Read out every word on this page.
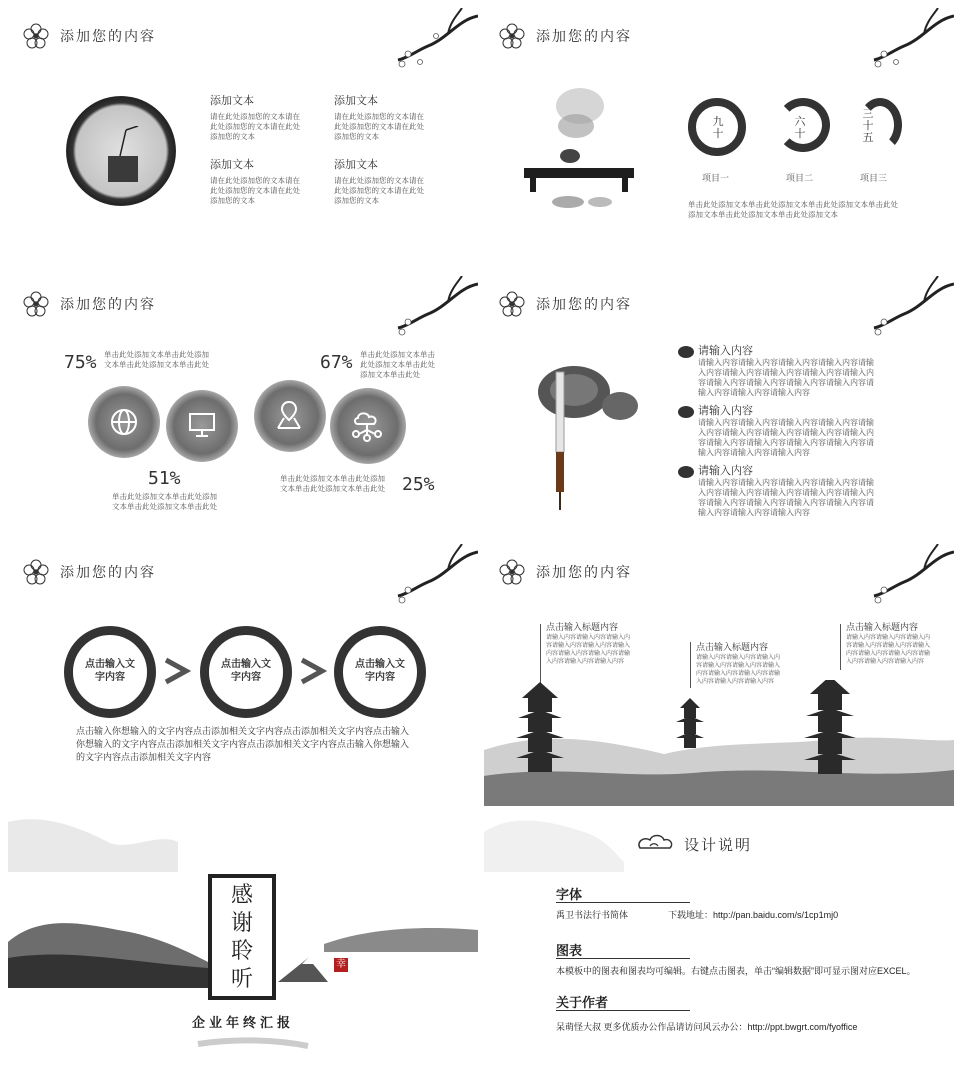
添加您的内容
添加文本
请在此处添加您的文本请在此处添加您的文本请在此处添加您的文本
添加文本
请在此处添加您的文本请在此处添加您的文本请在此处添加您的文本
添加文本
请在此处添加您的文本请在此处添加您的文本请在此处添加您的文本
添加文本
请在此处添加您的文本请在此处添加您的文本请在此处添加您的文本
添加您的内容
九十
六十
三十五
项目一	项目二	项目三
单击此处添加文本单击此处添加文本单击此处添加文本单击此处添加文本单击此处添加文本单击此处添加文本
添加您的内容
75% 单击此处添加文本单击此处添加文本单击此处添加文本单击此处	67% 单击此处添加文本单击此处添加文本单击此处添加文本单击此处
51%
单击此处添加文本单击此处添加文本单击此处添加文本单击此处
单击此处添加文本单击此处添加文本单击此处添加文本单击此处 25%
添加您的内容
请输入内容
请输入内容请输入内容请输入内容请输入内容请输入内容请输入内容请输入内容请输入内容请输入内容请输入内容请输入内容请输入内容请输入内容请输入内容请输入内容请输入内容
请输入内容
请输入内容请输入内容请输入内容请输入内容请输入内容请输入内容请输入内容请输入内容请输入内容请输入内容请输入内容请输入内容请输入内容请输入内容请输入内容请输入内容
请输入内容
请输入内容请输入内容请输入内容请输入内容请输入内容请输入内容请输入内容请输入内容请输入内容请输入内容请输入内容请输入内容请输入内容请输入内容请输入内容请输入内容
添加您的内容
点击输入文字内容
点击输入文字内容
点击输入文字内容
点击输入你想输入的文字内容点击添加相关文字内容点击添加相关文字内容点击输入你想输入的文字内容点击添加相关文字内容点击添加相关文字内容点击输入你想输入的文字内容点击添加相关文字内容
添加您的内容
点击输入标题内容
请输入内容请输入内容请输入内容请输入内容请输入内容请输入内容请输入内容请输入内容请输入内容请输入内容请输入内容
点击输入标题内容
请输入内容请输入内容请输入内容请输入内容请输入内容请输入内容请输入内容请输入内容请输入内容请输入内容请输入内容
点击输入标题内容
请输入内容请输入内容请输入内容请输入内容请输入内容请输入内容请输入内容请输入内容请输入内容请输入内容请输入内容
感
谢
聆
听
幸
企业年终汇报
设计说明
字体
禹卫书法行书简体	下载地址：http://pan.baidu.com/s/1cp1mj0
图表
本模板中的图表和图表均可编辑。右键点击图表，单击“编辑数据”即可显示图对应EXCEL。
关于作者
呆萌怪大叔 更多优质办公作品请访问风云办公：http://ppt.bwgrt.com/fyoffice
